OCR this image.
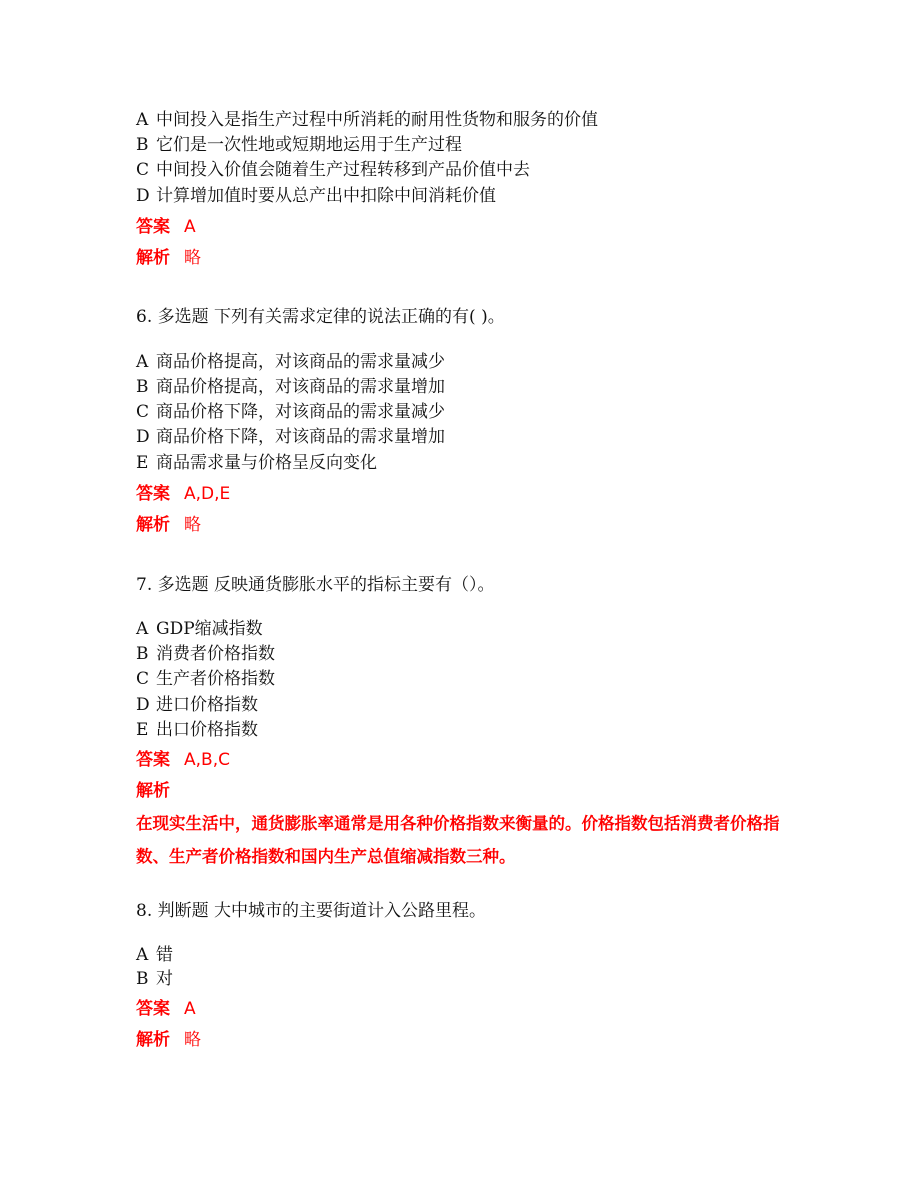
A 中间投入是指生产过程中所消耗的耐用性货物和服务的价值
B 它们是一次性地或短期地运用于生产过程
C 中间投入价值会随着生产过程转移到产品价值中去
D 计算增加值时要从总产出中扣除中间消耗价值
答案 A
解析 略
6. 多选题 下列有关需求定律的说法正确的有( )。
A 商品价格提高，对该商品的需求量减少
B 商品价格提高，对该商品的需求量增加
C 商品价格下降，对该商品的需求量减少
D 商品价格下降，对该商品的需求量增加
E 商品需求量与价格呈反向变化
答案 A,D,E
解析 略
7. 多选题 反映通货膨胀水平的指标主要有（）。
A GDP缩减指数
B 消费者价格指数
C 生产者价格指数
D 进口价格指数
E 出口价格指数
答案 A,B,C
解析
在现实生活中，通货膨胀率通常是用各种价格指数来衡量的。价格指数包括消费者价格指数、生产者价格指数和国内生产总值缩减指数三种。
8. 判断题 大中城市的主要街道计入公路里程。
A 错
B 对
答案 A
解析 略
